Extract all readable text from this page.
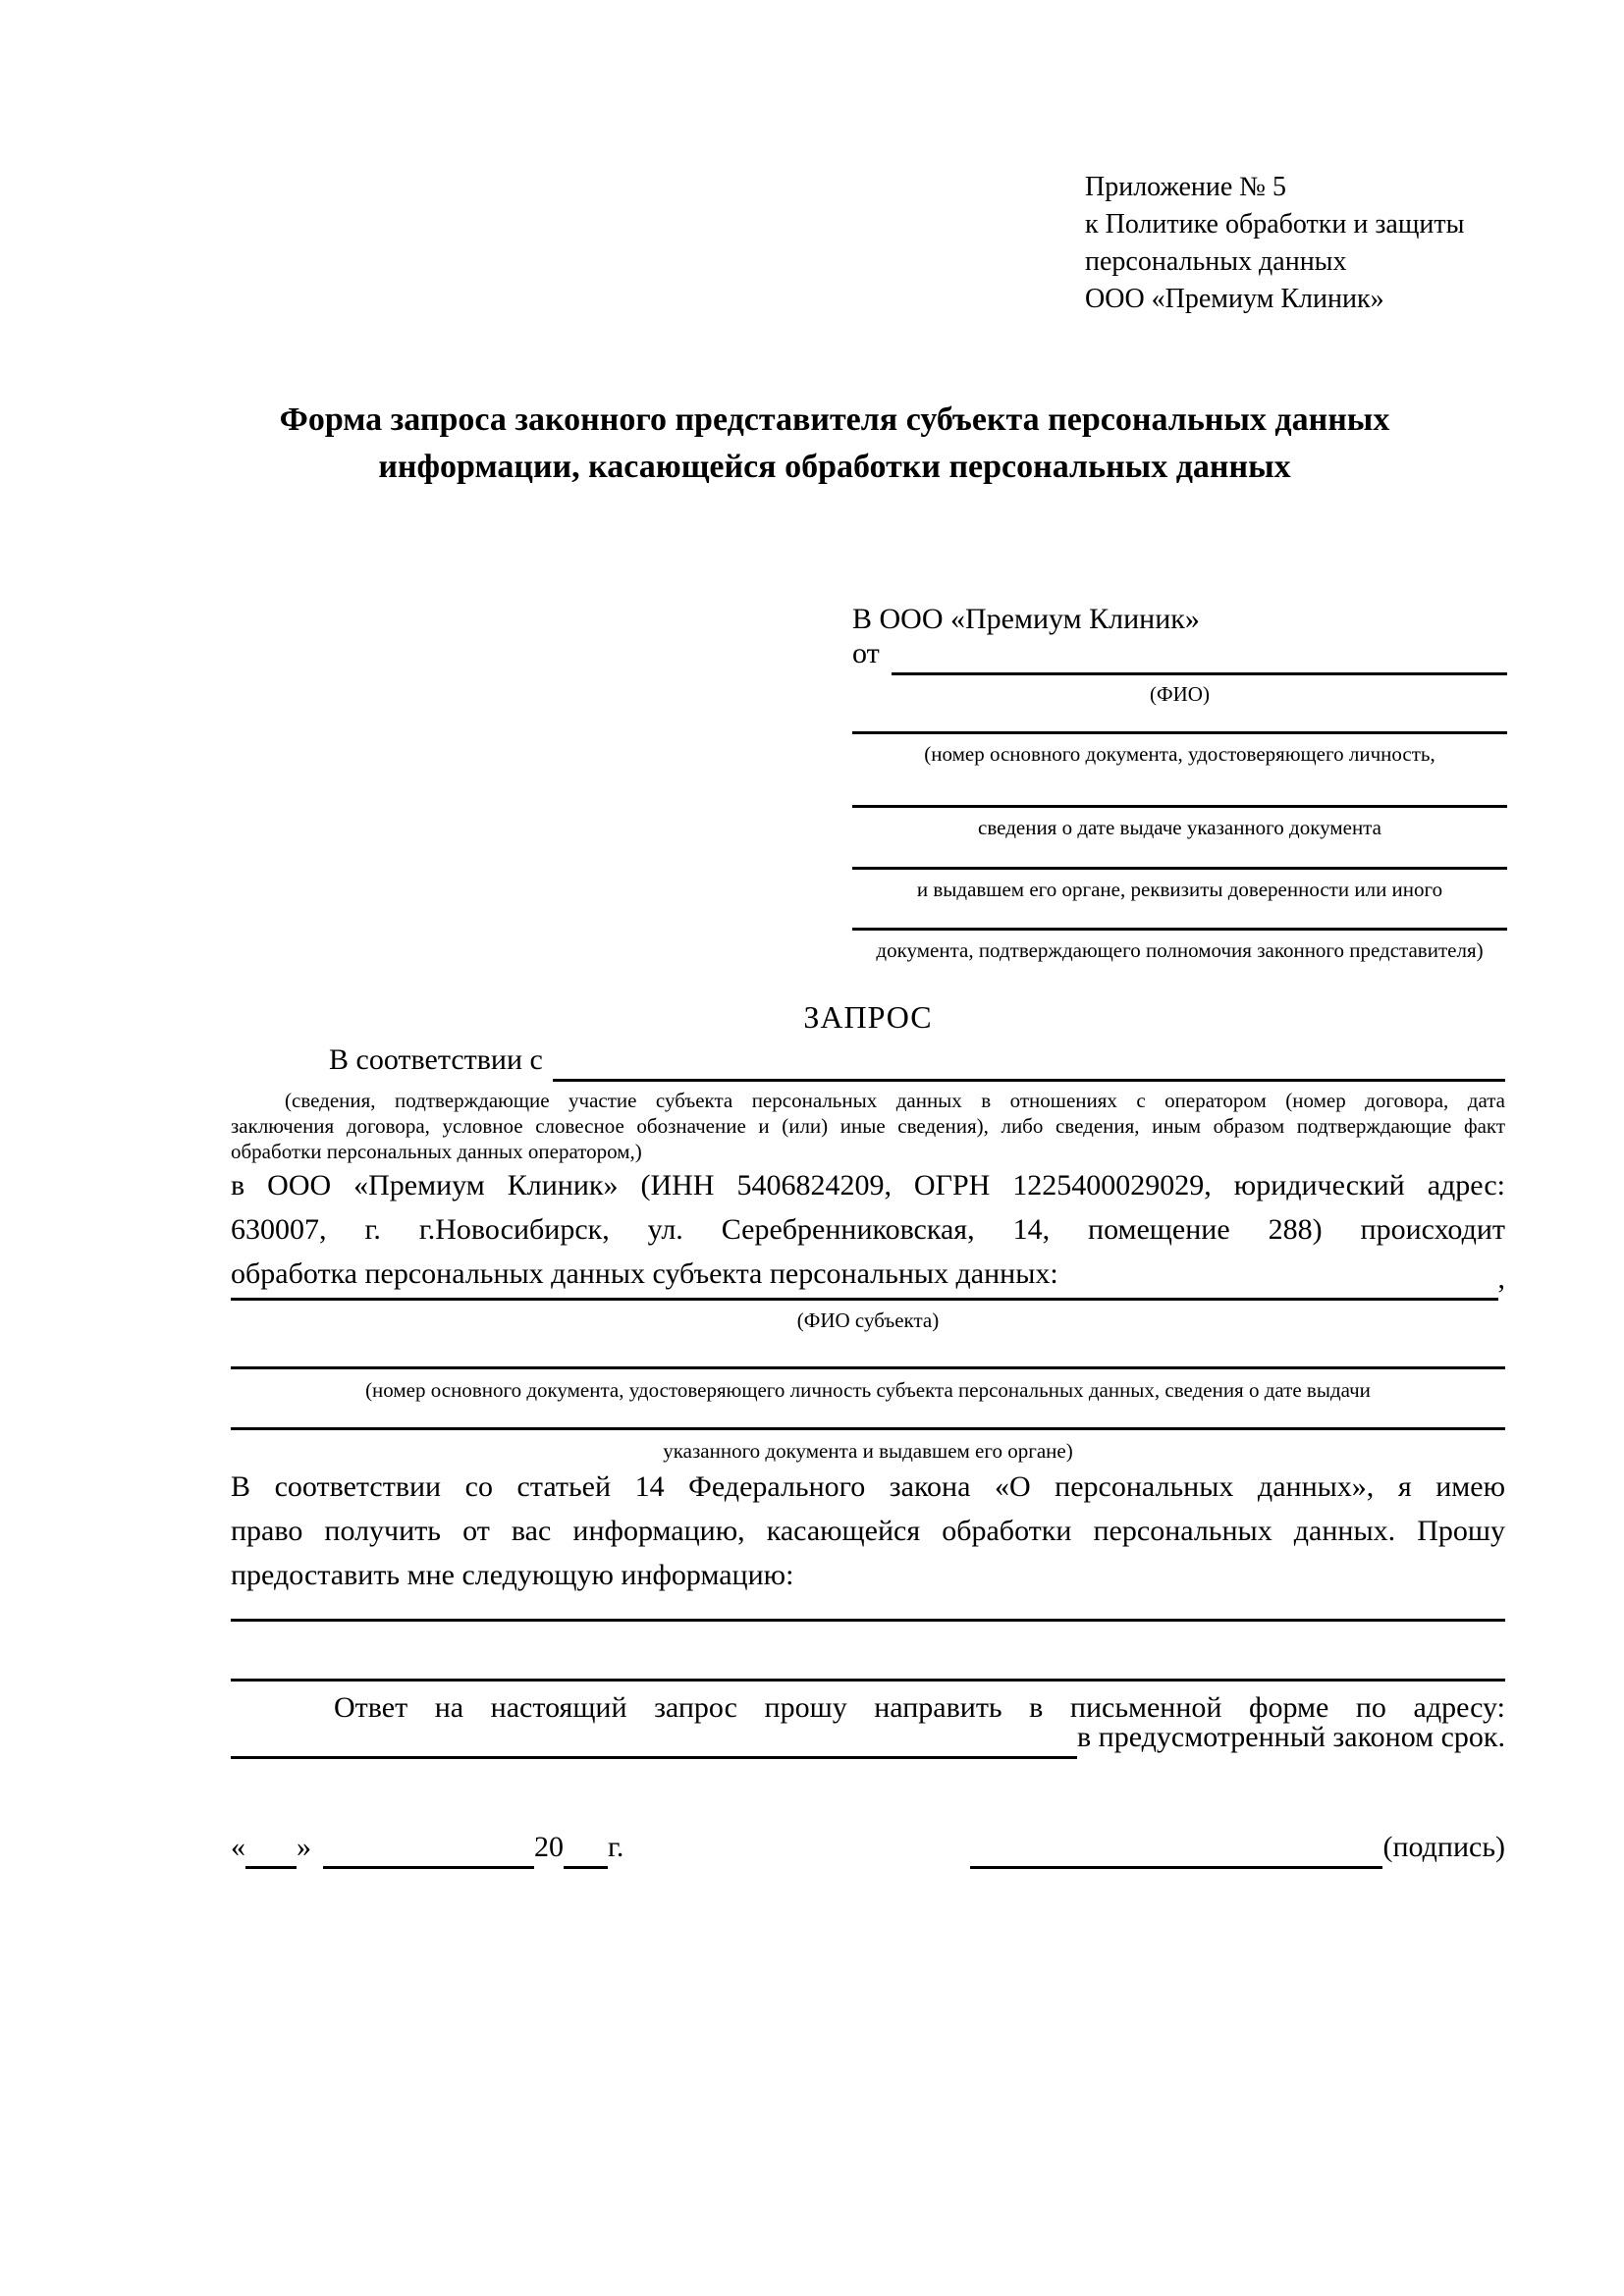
Приложение № 5
к Политике обработки и защиты
персональных данных
ООО «Премиум Клиник»
Форма запроса законного представителя субъекта персональных данных
информации, касающейся обработки персональных данных
В ООО «Премиум Клиник»
от
(ФИО)
(номер основного документа, удостоверяющего личность,
сведения о дате выдаче указанного документа
и выдавшем его органе, реквизиты доверенности или иного
документа, подтверждающего полномочия законного представителя)
ЗАПРОС
В соответствии с
(сведения, подтверждающие участие субъекта персональных данных в отношениях с оператором (номер договора, дата
заключения договора, условное словесное обозначение и (или) иные сведения), либо сведения, иным образом подтверждающие факт
обработки персональных данных оператором,)
в ООО «Премиум Клиник» (ИНН 5406824209, ОГРН 1225400029029, юридический адрес:
630007, г. г.Новосибирск, ул. Серебренниковская, 14, помещение 288) происходит
обработка персональных данных субъекта персональных данных:	,
(ФИО субъекта)
(номер основного документа, удостоверяющего личность субъекта персональных данных, сведения о дате выдачи
указанного документа и выдавшем его органе)
В соответствии со статьей 14 Федерального закона «О персональных данных», я имею
право получить от вас информацию, касающейся обработки персональных данных. Прошу
предоставить мне следующую информацию:
Ответ на настоящий запрос прошу направить в письменной форме по адресу:
в предусмотренный законом срок.
« »	20 г.	(подпись)
